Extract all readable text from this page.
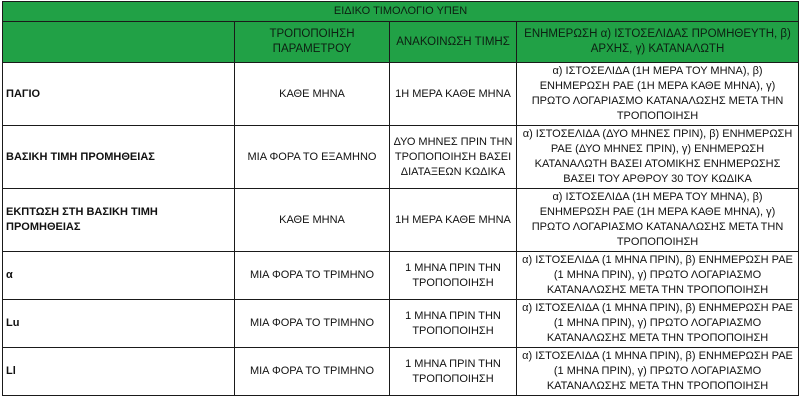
ΕΙΔΙΚΟ ΤΙΜΟΛΟΓΙΟ ΥΠΕΝ			
	ΤΡΟΠΟΠΟΙΗΣΗ ΠΑΡΑΜΕΤΡΟΥ	ΑΝΑΚΟΙΝΩΣΗ ΤΙΜΗΣ	ΕΝΗΜΕΡΩΣΗ α) ΙΣΤΟΣΕΛΙΔΑΣ ΠΡΟΜΗΘΕΥΤΗ, β) ΑΡΧΗΣ, γ) ΚΑΤΑΝΑΛΩΤΗ
ΠΑΓΙΟ	ΚΑΘΕ ΜΗΝΑ	1Η ΜΕΡΑ ΚΑΘΕ ΜΗΝΑ	α) ΙΣΤΟΣΕΛΙΔΑ (1Η ΜΕΡΑ ΤΟΥ ΜΗΝΑ), β) ΕΝΗΜΕΡΩΣΗ ΡΑΕ (1Η ΜΕΡΑ ΚΑΘΕ ΜΗΝΑ), γ) ΠΡΩΤΟ ΛΟΓΑΡΙΑΣΜΟ ΚΑΤΑΝΑΛΩΣΗΣ ΜΕΤΑ ΤΗΝ ΤΡΟΠΟΠΟΙΗΣΗ
ΒΑΣΙΚΗ ΤΙΜΗ ΠΡΟΜΗΘΕΙΑΣ	ΜΙΑ ΦΟΡΑ ΤΟ ΕΞΑΜΗΝΟ	ΔΥΟ ΜΗΝΕΣ ΠΡΙΝ ΤΗΝ ΤΡΟΠΟΠΟΙΗΣΗ ΒΑΣΕΙ ΔΙΑΤΑΞΕΩΝ ΚΩΔΙΚΑ	α) ΙΣΤΟΣΕΛΙΔΑ (ΔΥΟ ΜΗΝΕΣ ΠΡΙΝ), β) ΕΝΗΜΕΡΩΣΗ ΡΑΕ (ΔΥΟ ΜΗΝΕΣ ΠΡΙΝ), γ) ΕΝΗΜΕΡΩΣΗ ΚΑΤΑΝΑΛΩΤΗ ΒΑΣΕΙ ΑΤΟΜΙΚΗΣ ΕΝΗΜΕΡΩΣΗΣ ΒΑΣΕΙ ΤΟΥ ΑΡΘΡΟΥ 30 ΤΟΥ ΚΩΔΙΚΑ
ΕΚΠΤΩΣΗ ΣΤΗ ΒΑΣΙΚΗ ΤΙΜΗ ΠΡΟΜΗΘΕΙΑΣ	ΚΑΘΕ ΜΗΝΑ	1Η ΜΕΡΑ ΚΑΘΕ ΜΗΝΑ	α) ΙΣΤΟΣΕΛΙΔΑ (1Η ΜΕΡΑ ΤΟΥ ΜΗΝΑ), β) ΕΝΗΜΕΡΩΣΗ ΡΑΕ (1Η ΜΕΡΑ ΚΑΘΕ ΜΗΝΑ), γ) ΠΡΩΤΟ ΛΟΓΑΡΙΑΣΜΟ ΚΑΤΑΝΑΛΩΣΗΣ ΜΕΤΑ ΤΗΝ ΤΡΟΠΟΠΟΙΗΣΗ
α	ΜΙΑ ΦΟΡΑ ΤΟ ΤΡΙΜΗΝΟ	1 ΜΗΝΑ ΠΡΙΝ ΤΗΝ ΤΡΟΠΟΠΟΙΗΣΗ	α) ΙΣΤΟΣΕΛΙΔΑ (1 ΜΗΝΑ ΠΡΙΝ), β) ΕΝΗΜΕΡΩΣΗ ΡΑΕ (1 ΜΗΝΑ ΠΡΙΝ), γ) ΠΡΩΤΟ ΛΟΓΑΡΙΑΣΜΟ ΚΑΤΑΝΑΛΩΣΗΣ ΜΕΤΑ ΤΗΝ ΤΡΟΠΟΠΟΙΗΣΗ
Lu	ΜΙΑ ΦΟΡΑ ΤΟ ΤΡΙΜΗΝΟ	1 ΜΗΝΑ ΠΡΙΝ ΤΗΝ ΤΡΟΠΟΠΟΙΗΣΗ	α) ΙΣΤΟΣΕΛΙΔΑ (1 ΜΗΝΑ ΠΡΙΝ), β) ΕΝΗΜΕΡΩΣΗ ΡΑΕ (1 ΜΗΝΑ ΠΡΙΝ), γ) ΠΡΩΤΟ ΛΟΓΑΡΙΑΣΜΟ ΚΑΤΑΝΑΛΩΣΗΣ ΜΕΤΑ ΤΗΝ ΤΡΟΠΟΠΟΙΗΣΗ
Ll	ΜΙΑ ΦΟΡΑ ΤΟ ΤΡΙΜΗΝΟ	1 ΜΗΝΑ ΠΡΙΝ ΤΗΝ ΤΡΟΠΟΠΟΙΗΣΗ	α) ΙΣΤΟΣΕΛΙΔΑ (1 ΜΗΝΑ ΠΡΙΝ), β) ΕΝΗΜΕΡΩΣΗ ΡΑΕ (1 ΜΗΝΑ ΠΡΙΝ), γ) ΠΡΩΤΟ ΛΟΓΑΡΙΑΣΜΟ ΚΑΤΑΝΑΛΩΣΗΣ ΜΕΤΑ ΤΗΝ ΤΡΟΠΟΠΟΙΗΣΗ
